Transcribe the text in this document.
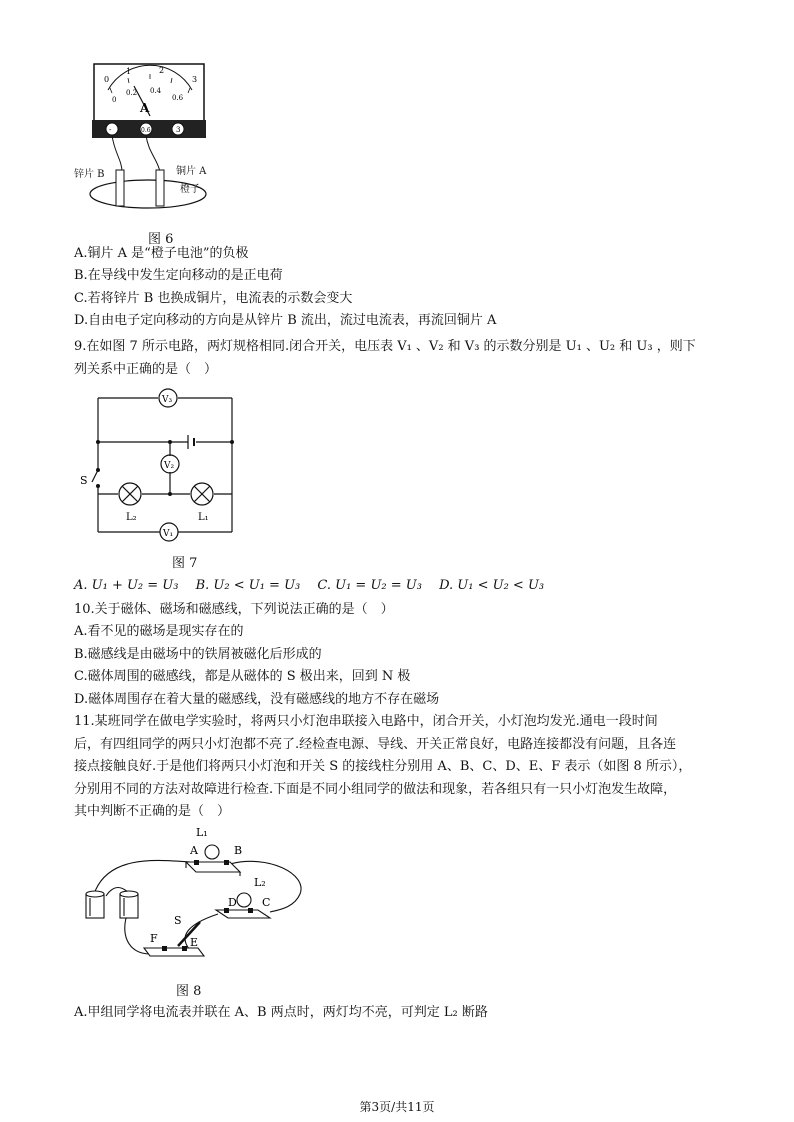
0
1	2
3
0
0.2 0.4
0.6
A
-	0.6	3
锌片 B	铜片 A
橙子
图 6
A.铜片 A 是“橙子电池”的负极
B.在导线中发生定向移动的是正电荷
C.若将锌片 B 也换成铜片，电流表的示数会变大
D.自由电子定向移动的方向是从锌片 B 流出，流过电流表，再流回铜片 A
9.在如图 7 所示电路，两灯规格相同.闭合开关，电压表 V₁ 、V₂ 和 V₃ 的示数分别是 U₁ 、U₂ 和 U₃ ，则下
列关系中正确的是（　）
V₃
V₂
V₁
S
L₂	L₁
图 7
A. U₁ + U₂ = U₃　 B. U₂ < U₁ = U₃　 C. U₁ = U₂ = U₃　 D. U₁ < U₂ < U₃
10.关于磁体、磁场和磁感线，下列说法正确的是（　）
A.看不见的磁场是现实存在的
B.磁感线是由磁场中的铁屑被磁化后形成的
C.磁体周围的磁感线，都是从磁体的 S 极出来，回到 N 极
D.磁体周围存在着大量的磁感线，没有磁感线的地方不存在磁场
11.某班同学在做电学实验时，将两只小灯泡串联接入电路中，闭合开关，小灯泡均发光.通电一段时间
后，有四组同学的两只小灯泡都不亮了.经检查电源、导线、开关正常良好，电路连接都没有问题，且各连
接点接触良好.于是他们将两只小灯泡和开关 S 的接线柱分别用 A、B、C、D、E、F 表示（如图 8 所示），
分别用不同的方法对故障进行检查.下面是不同小组同学的做法和现象，若各组只有一只小灯泡发生故障，
其中判断不正确的是（　）
L₁
A	B
L₂
C
D
E
F
S
图 8
A.甲组同学将电流表并联在 A、B 两点时，两灯均不亮，可判定 L₂ 断路
第3页/共11页
